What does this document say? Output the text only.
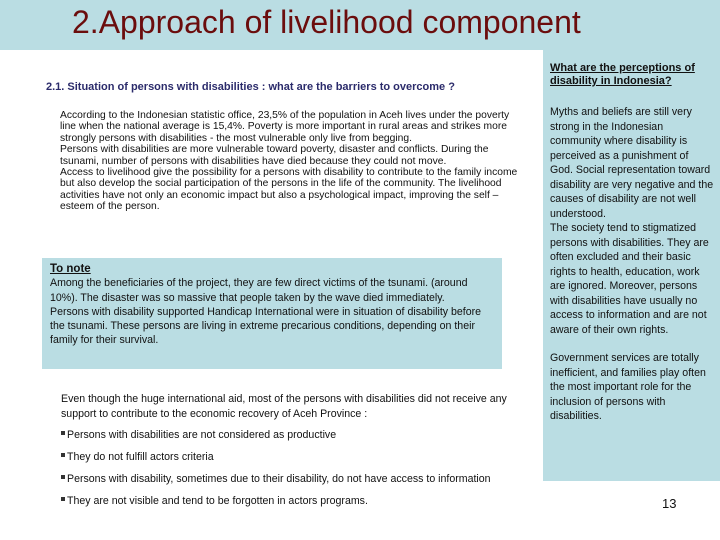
2.Approach of livelihood component
2.1. Situation of persons with disabilities : what are the barriers to overcome ?

According to the Indonesian statistic office, 23,5% of the population in Aceh lives under the poverty line when the national average is 15,4%. Poverty is more important in rural areas and strikes more strongly persons with disabilities - the most vulnerable only live from begging.

Persons with disabilities are more vulnerable toward poverty, disaster and conflicts. During the tsunami, number of persons with disabilities have died because they could not move.

Access to livelihood give the possibility for a persons with disability to contribute to the family income but also develop the social participation of the persons in the life of the community. The livelihood activities have not only an economic impact but also a psychological impact, improving the self –esteem of the person.

To note

Among the beneficiaries of the project, they are few direct victims of the tsunami. (around 10%). The disaster was so massive that people taken by the wave died immediately.

Persons with disability supported Handicap International were in situation of disability before the tsunami. These persons are living in extreme precarious conditions, depending on their family for their survival.

Even though the huge international aid, most of the persons with disabilities did not receive any support to contribute to the economic recovery of Aceh Province :

Persons with disabilities are not considered as productive
They do not fulfill actors criteria
Persons with disability, sometimes due to their disability, do not have access to information
They are not visible and tend to be forgotten in actors programs.
What are the perceptions of disability in Indonesia?

Myths and beliefs are still very strong in the Indonesian community where disability is perceived as a punishment of God. Social representation toward disability are very negative and the causes of disability are not well understood.

The society tend to stigmatized persons with disabilities. They are often excluded and their basic rights to health, education, work are ignored. Moreover, persons with disabilities have usually no access to information and are not aware of their own rights.

Government services are totally inefficient, and families play often the most important role for the inclusion of persons with disabilities.

13
